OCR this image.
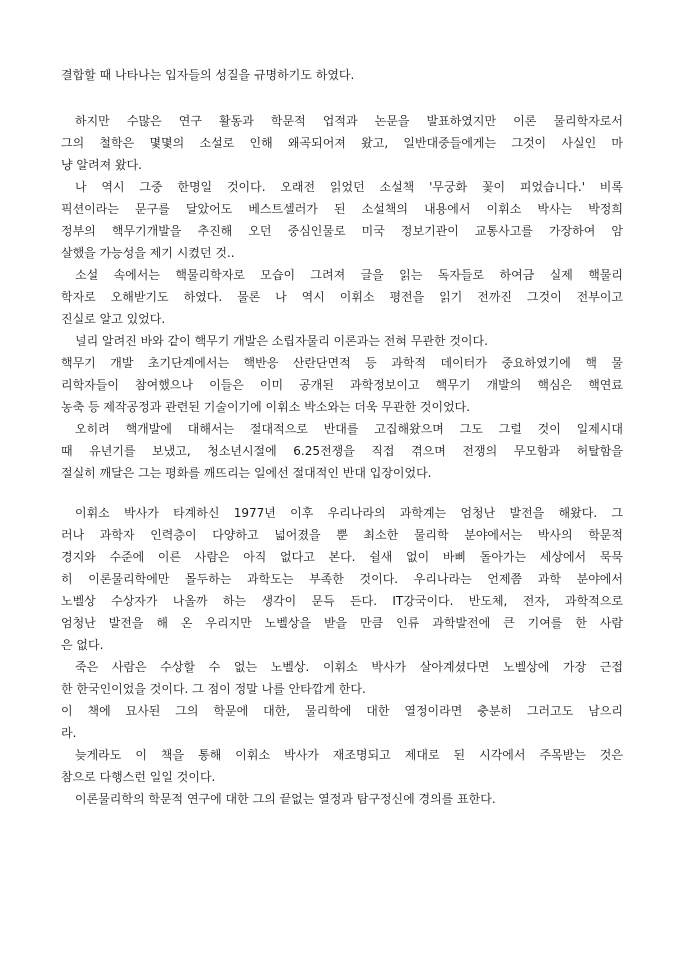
결합할 때 나타나는 입자들의 성질을 규명하기도 하였다.
하지만 수많은 연구 활동과 학문적 업적과 논문을 발표하였지만 이론 물리학자로서
그의 철학은 몇몇의 소설로 인해 왜곡되어져 왔고, 일반대중들에게는 그것이 사실인 마
냥 알려져 왔다.
나 역시 그중 한명일 것이다. 오래전 읽었던 소설책 '무궁화 꽃이 피었습니다.' 비록
픽션이라는 문구를 달았어도 베스트셀러가 된 소설책의 내용에서 이휘소 박사는 박정희
정부의 핵무기개발을 추진해 오던 중심인물로 미국 정보기관이 교통사고를 가장하여 암
살했을 가능성을 제기 시켰던 것..
소설 속에서는 핵물리학자로 모습이 그려져 글을 읽는 독자들로 하여금 실제 핵물리
학자로 오해받기도 하였다. 물론 나 역시 이휘소 평전을 읽기 전까진 그것이 전부이고
진실로 알고 있었다.
널리 알려진 바와 같이 핵무기 개발은 소립자물리 이론과는 전혀 무관한 것이다.
핵무기 개발 초기단계에서는 핵반응 산란단면적 등 과학적 데이터가 중요하였기에 핵 물
리학자들이 참여했으나 이들은 이미 공개된 과학정보이고 핵무기 개발의 핵심은 핵연료
농축 등 제작공정과 관련된 기술이기에 이휘소 박소와는 더욱 무관한 것이었다.
오히려 핵개발에 대해서는 절대적으로 반대를 고집해왔으며 그도 그럴 것이 일제시대
때 유년기를 보냈고, 청소년시절에 6.25전쟁을 직접 겪으며 전쟁의 무모함과 허탈함을
절실히 깨달은 그는 평화를 깨뜨리는 일에선 절대적인 반대 입장이었다.
이휘소 박사가 타계하신 1977년 이후 우리나라의 과학계는 엄청난 발전을 해왔다. 그
러나 과학자 인력층이 다양하고 넓어졌을 뿐 최소한 물리학 분야에서는 박사의 학문적
경지와 수준에 이른 사람은 아직 없다고 본다. 쉴새 없이 바삐 돌아가는 세상에서 묵묵
히 이론물리학에만 몰두하는 과학도는 부족한 것이다. 우리나라는 언제쯤 과학 분야에서
노벨상 수상자가 나올까 하는 생각이 문득 든다. IT강국이다. 반도체, 전자, 과학적으로
엄청난 발전을 해 온 우리지만 노벨상을 받을 만큼 인류 과학발전에 큰 기여를 한 사람
은 없다.
죽은 사람은 수상할 수 없는 노벨상. 이휘소 박사가 살아계셨다면 노벨상에 가장 근접
한 한국인이었을 것이다. 그 점이 정말 나를 안타깝게 한다.
이 책에 묘사된 그의 학문에 대한, 물리학에 대한 열정이라면 충분히 그러고도 남으리
라.
늦게라도 이 책을 통해 이휘소 박사가 재조명되고 제대로 된 시각에서 주목받는 것은
참으로 다행스런 일일 것이다.
이론물리학의 학문적 연구에 대한 그의 끝없는 열정과 탐구정신에 경의를 표한다.
